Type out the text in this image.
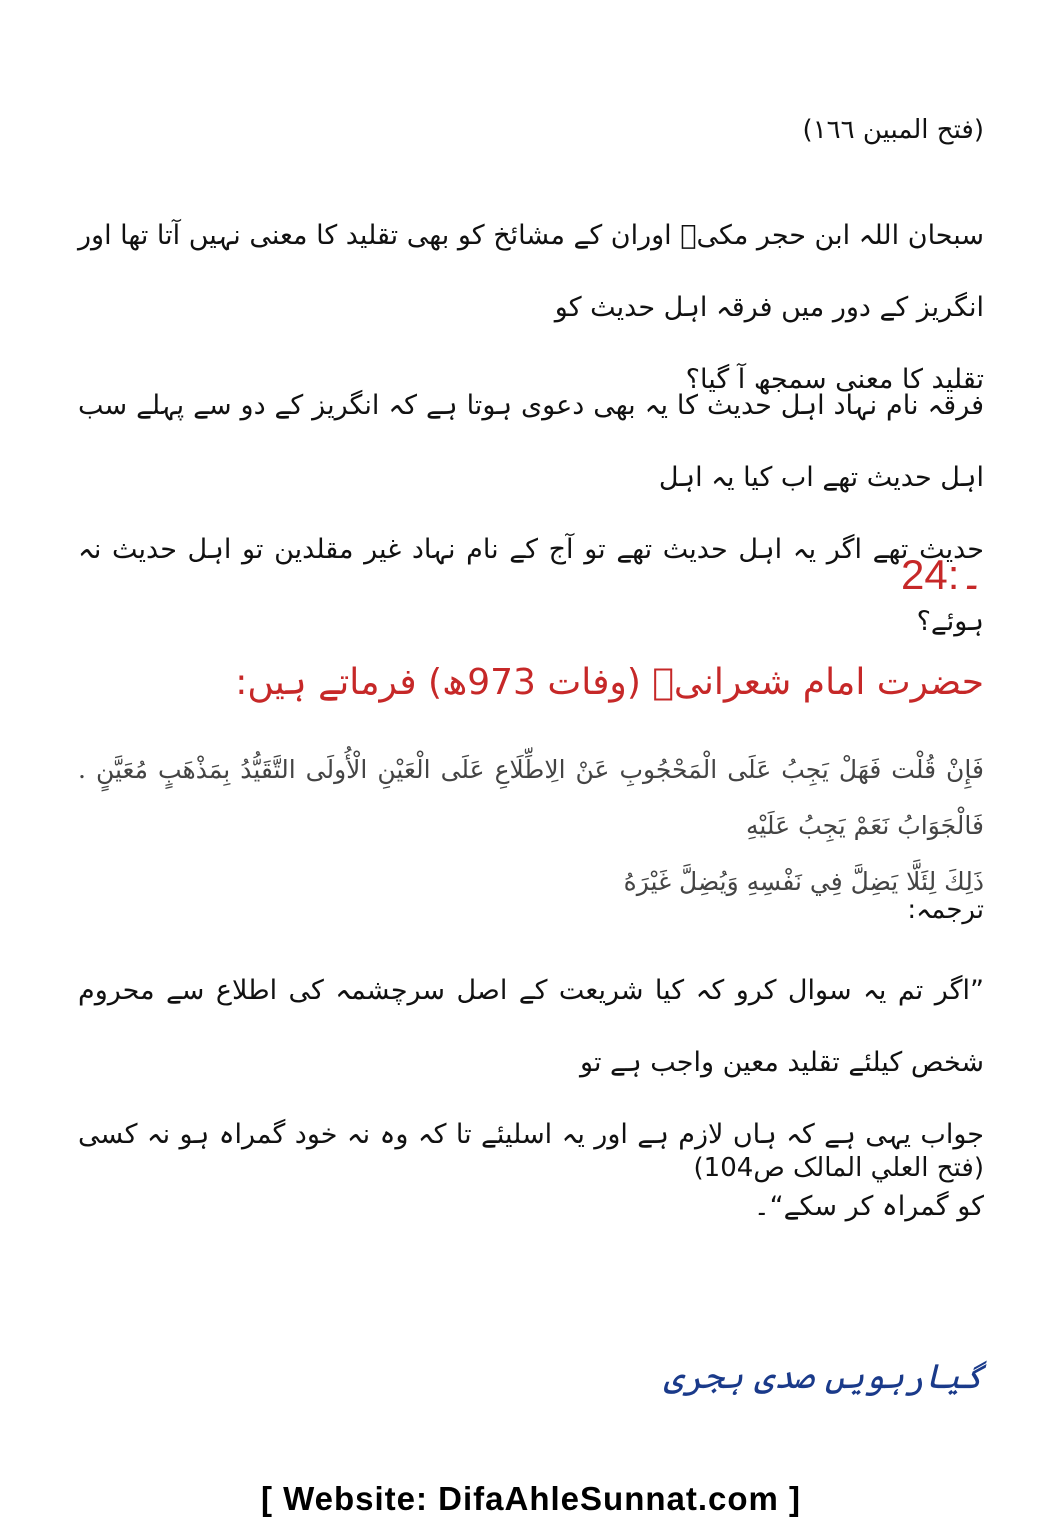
(فتح المبین ١٦٦)
سبحان اللہ ابن حجر مکیؒ اوران کے مشائخ کو بھی تقلید کا معنی نہیں آتا تھا اور انگریز کے دور میں فرقہ اہل حدیث کو
تقلید کا معنی سمجھ آ گیا؟
فرقہ نام نہاد اہل حدیث کا یہ بھی دعوی ہوتا ہے کہ انگریز کے دو سے پہلے سب اہل حدیث تھے اب کیا یہ اہل
حدیث تھے اگر یہ اہل حدیث تھے تو آج کے نام نہاد غیر مقلدین تو اہل حدیث نہ ہوئے؟
24:۔
حضرت امام شعرانیؒ (وفات 973ھ) فرماتے ہیں:
فَإِنْ قُلْت فَهَلْ يَجِبُ عَلَى الْمَحْجُوبِ عَنْ الِاطِّلَاعِ عَلَى الْعَيْنِ الْأُولَى التَّقَيُّدُ بِمَذْهَبٍ مُعَيَّنٍ . فَالْجَوَابُ نَعَمْ يَجِبُ عَلَيْهِ
ذَلِكَ لِئَلَّا يَضِلَّ فِي نَفْسِهِ وَيُضِلَّ غَيْرَهُ
ترجمہ:
”اگر تم یہ سوال کرو کہ کیا شریعت کے اصل سرچشمہ کی اطلاع سے محروم شخص کیلئے تقلید معین واجب ہے تو
جواب یہی ہے کہ ہاں لازم ہے اور یہ اسلیئے تا کہ وہ نہ خود گمراہ ہو نہ کسی کو گمراہ کر سکے“۔
(فتح العلي المالک ص104)
گیارہویں صدی ہجری
[ Website: DifaAhleSunnat.com ]
